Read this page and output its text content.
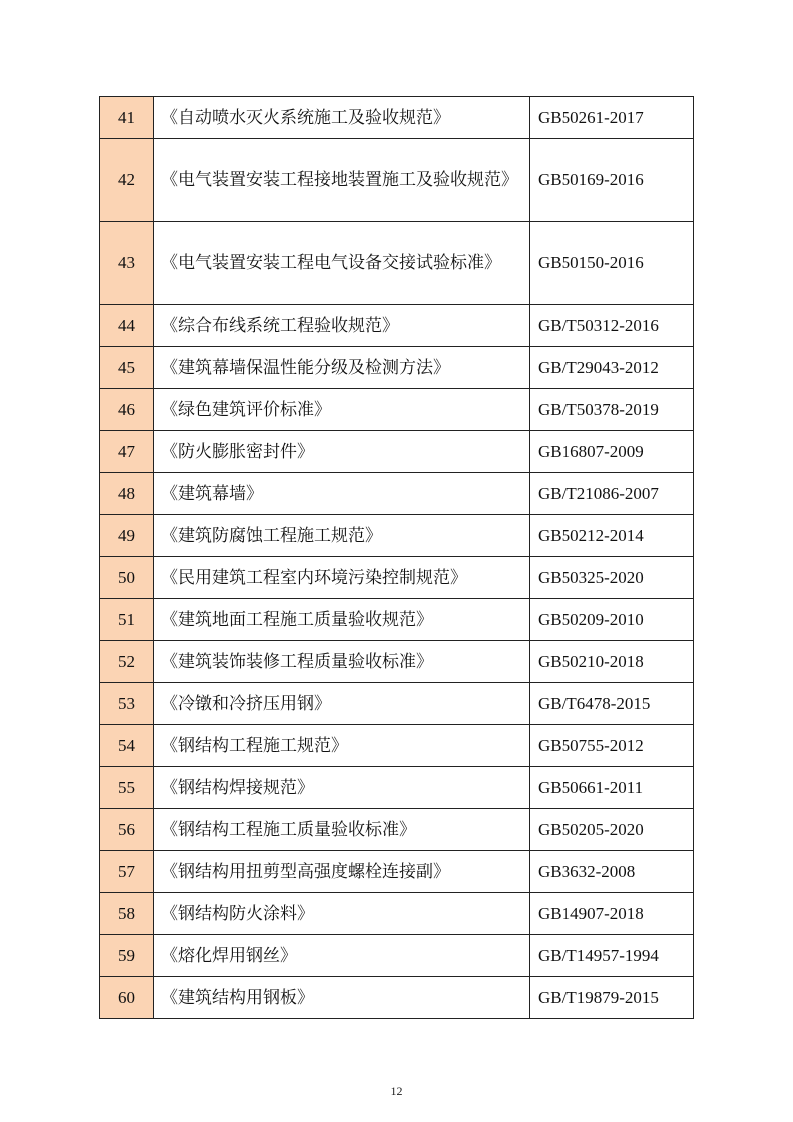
41	《自动喷水灭火系统施工及验收规范》	GB50261-2017
42	《电气装置安装工程接地装置施工及验收规范》	GB50169-2016
43	《电气装置安装工程电气设备交接试验标准》	GB50150-2016
44	《综合布线系统工程验收规范》	GB/T50312-2016
45	《建筑幕墙保温性能分级及检测方法》	GB/T29043-2012
46	《绿色建筑评价标准》	GB/T50378-2019
47	《防火膨胀密封件》	GB16807-2009
48	《建筑幕墙》	GB/T21086-2007
49	《建筑防腐蚀工程施工规范》	GB50212-2014
50	《民用建筑工程室内环境污染控制规范》	GB50325-2020
51	《建筑地面工程施工质量验收规范》	GB50209-2010
52	《建筑装饰装修工程质量验收标准》	GB50210-2018
53	《冷镦和冷挤压用钢》	GB/T6478-2015
54	《钢结构工程施工规范》	GB50755-2012
55	《钢结构焊接规范》	GB50661-2011
56	《钢结构工程施工质量验收标准》	GB50205-2020
57	《钢结构用扭剪型高强度螺栓连接副》	GB3632-2008
58	《钢结构防火涂料》	GB14907-2018
59	《熔化焊用钢丝》	GB/T14957-1994
60	《建筑结构用钢板》	GB/T19879-2015
12
